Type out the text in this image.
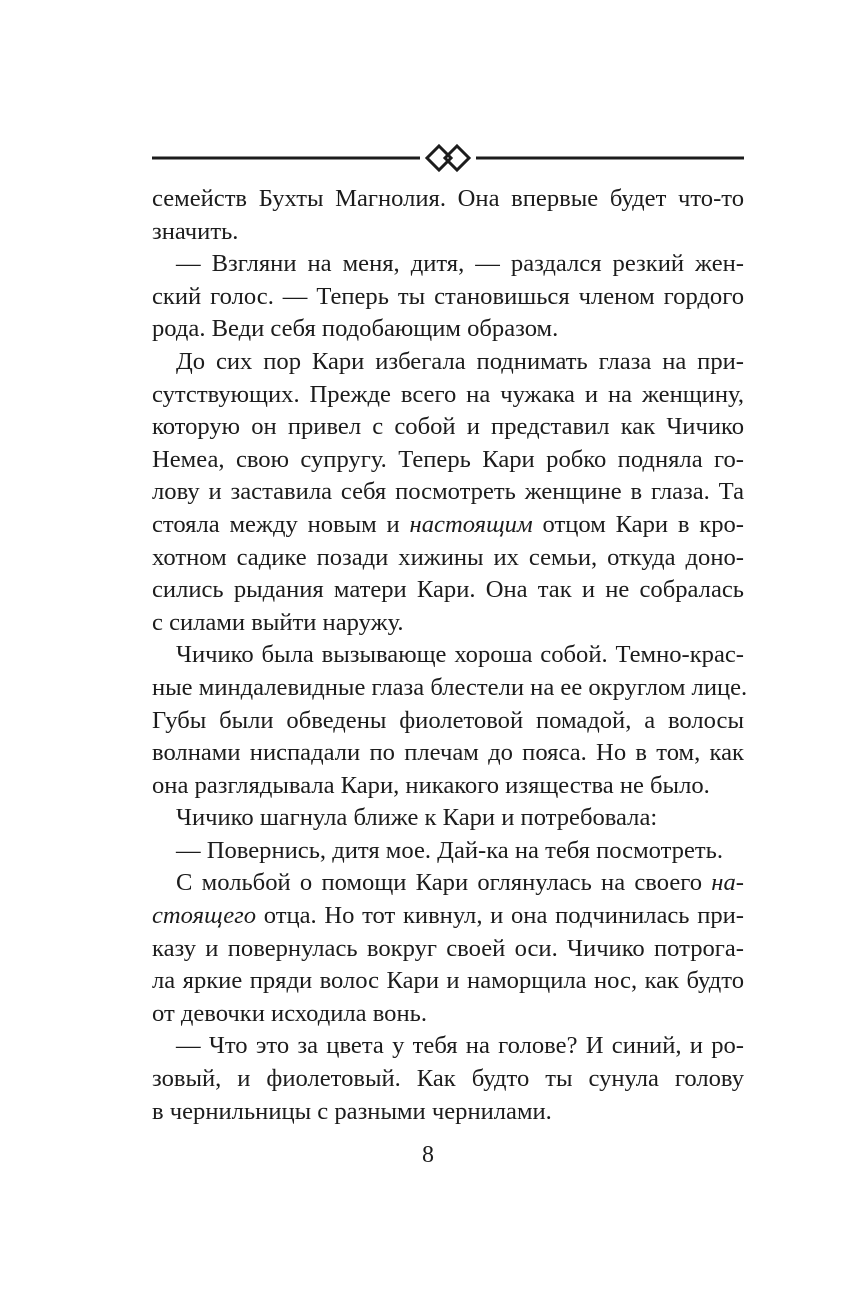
семейств Бухты Магнолия. Она впервые будет что-то
значить.
— Взгляни на меня, дитя, — раздался резкий жен-
ский голос. — Теперь ты становишься членом гордого
рода. Веди себя подобающим образом.
До сих пор Кари избегала поднимать глаза на при-
сутствующих. Прежде всего на чужака и на женщину,
которую он привел с собой и представил как Чичико
Немеа, свою супругу. Теперь Кари робко подняла го-
лову и заставила себя посмотреть женщине в глаза. Та
стояла между новым и настоящим отцом Кари в кро-
хотном садике позади хижины их семьи, откуда доно-
сились рыдания матери Кари. Она так и не собралась
с силами выйти наружу.
Чичико была вызывающе хороша собой. Темно-крас-
ные миндалевидные глаза блестели на ее округлом лице.
Губы были обведены фиолетовой помадой, а волосы
волнами ниспадали по плечам до пояса. Но в том, как
она разглядывала Кари, никакого изящества не было.
Чичико шагнула ближе к Кари и потребовала:
— Повернись, дитя мое. Дай-ка на тебя посмотреть.
С мольбой о помощи Кари оглянулась на своего на-
стоящего отца. Но тот кивнул, и она подчинилась при-
казу и повернулась вокруг своей оси. Чичико потрога-
ла яркие пряди волос Кари и наморщила нос, как будто
от девочки исходила вонь.
— Что это за цвета у тебя на голове? И синий, и ро-
зовый, и фиолетовый. Как будто ты сунула голову
в чернильницы с разными чернилами.
8
